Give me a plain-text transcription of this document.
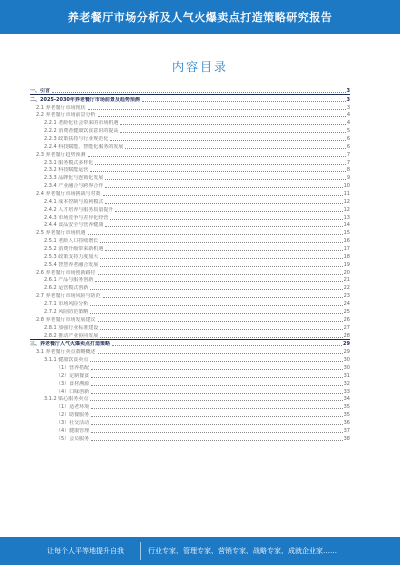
养老餐厅市场分析及人气火爆卖点打造策略研究报告
内容目录
一、引言	3
二、2025-2030年养老餐厅市场前景及趋势预测	3
2.1 养老餐厅市场现状	3
2.2 养老餐厅市场前景分析	4
2.2.1 老龄化社会带来的市场机遇	4
2.2.2 消费者健康饮食意识的提高	5
2.2.3 政策扶持与行业规范化	6
2.2.4 科技赋能、智能化服务的发展	6
2.3 养老餐厅趋势预测	7
2.3.1 服务模式多样化	7
2.3.2 科技赋能运营	8
2.3.3 品牌化与连锁化发展	9
2.3.4 产业融合与跨界合作	10
2.4 养老餐厅市场挑战与对策	11
2.4.1 成本控制与盈利模式	12
2.4.2 人才培养与服务质量提升	12
2.4.3 市场竞争与差异化经营	13
2.4.4 食品安全与营养健康	14
2.5 养老餐厅市场机遇	15
2.5.1 老龄人口持续增长	16
2.5.2 消费升级带来新机遇	17
2.5.3 政策支持力度加大	18
2.5.4 智慧养老融合发展	19
2.6 养老餐厅市场创新路径	20
2.6.1 产品与服务创新	21
2.6.2 运营模式创新	22
2.7 养老餐厅市场风险与防范	23
2.7.1 市场风险分析	24
2.7.2 风险防范策略	25
2.8 养老餐厅市场发展建议	26
2.8.1 加强行业标准建设	27
2.8.2 推动产业协同发展	28
三、养老餐厅人气火爆卖点打造策略	29
3.1 养老餐厅卖点策略概述	29
3.1.1 健康饮食卖点	30
（1）营养搭配	30
（2）定制餐食	31
（3）食材溯源	32
（4）口味创新	33
3.1.2 贴心服务卖点	34
（1）适老环境	35
（2）助餐服务	35
（3）社交活动	36
（4）健康管理	37
（5）会员服务	38
让每个人平等地提升自我	行业专家、管理专家、营销专家、战略专家、成就企业家……
